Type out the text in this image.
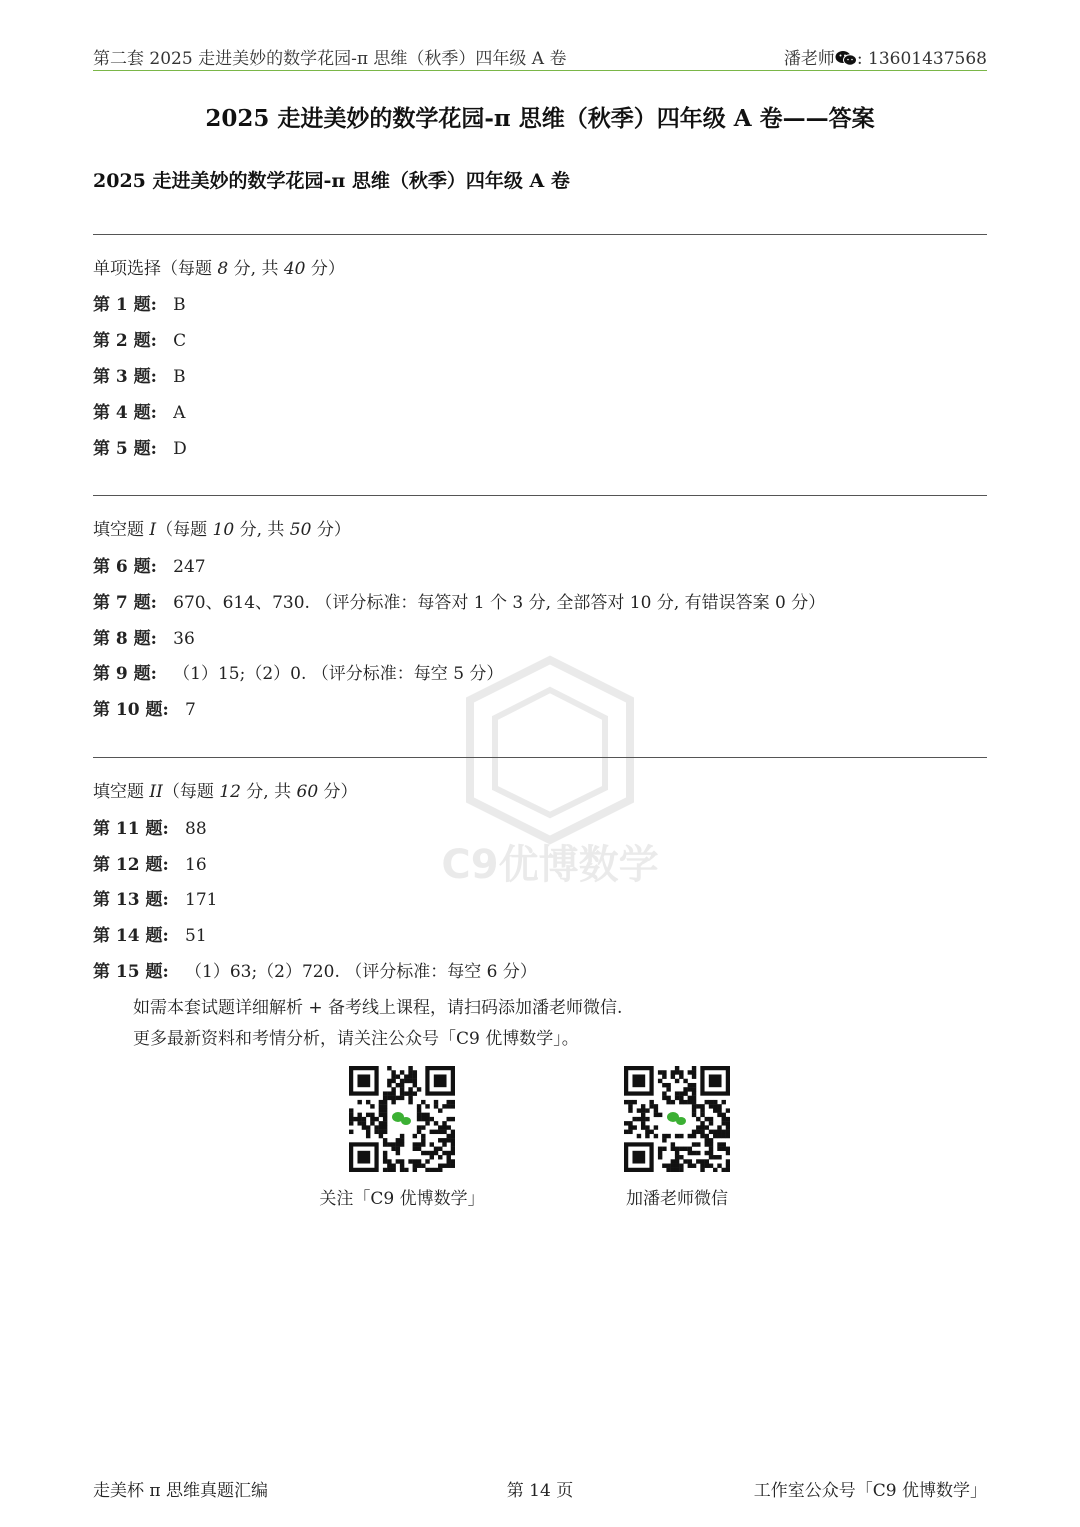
第二套 2025 走进美妙的数学花园-π 思维（秋季）四年级 A 卷	潘老师 : 13601437568
2025 走进美妙的数学花园-π 思维（秋季）四年级 A 卷——答案
2025 走进美妙的数学花园-π 思维（秋季）四年级 A 卷
单项选择（每题 8 分, 共 40 分）
第 1 题: B
第 2 题: C
第 3 题: B
第 4 题: A
第 5 题: D
填空题 I（每题 10 分, 共 50 分）
第 6 题: 247
第 7 题: 670、614、730. （评分标准：每答对 1 个 3 分, 全部答对 10 分, 有错误答案 0 分）
第 8 题: 36
第 9 题: （1）15;（2）0. （评分标准：每空 5 分）
第 10 题: 7
C9优博数学
填空题 II（每题 12 分, 共 60 分）
第 11 题: 88
第 12 题: 16
第 13 题: 171
第 14 题: 51
第 15 题: （1）63;（2）720. （评分标准：每空 6 分）
如需本套试题详细解析 + 备考线上课程，请扫码添加潘老师微信.
更多最新资料和考情分析，请关注公众号「C9 优博数学」。
关注「C9 优博数学」	加潘老师微信
走美杯 π 思维真题汇编	第 14 页	工作室公众号「C9 优博数学」
